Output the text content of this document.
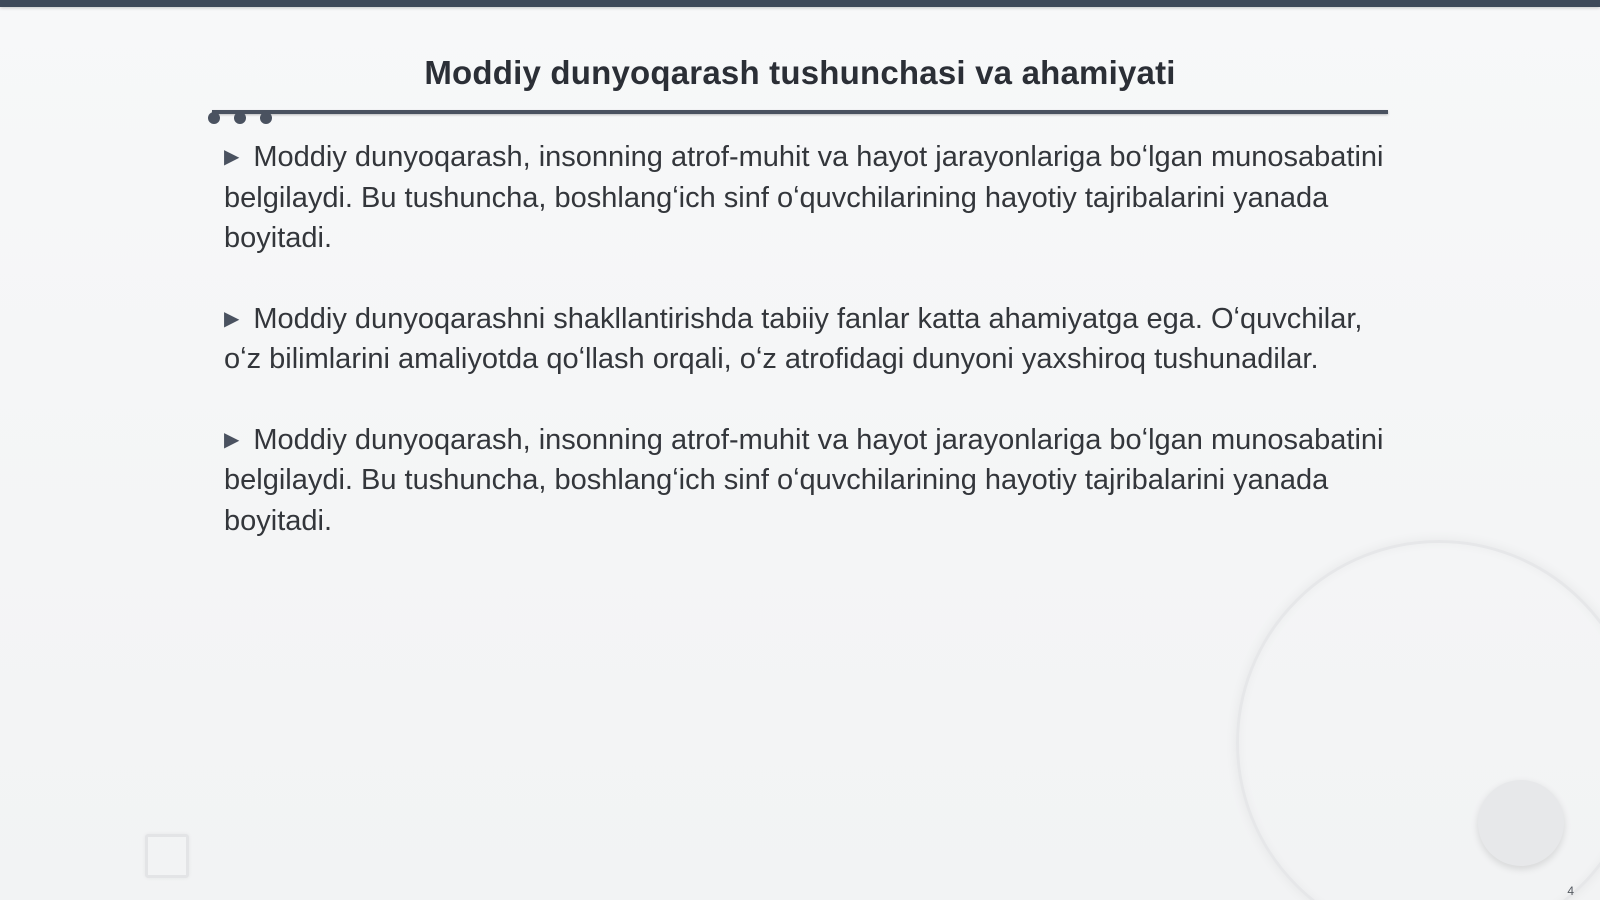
Moddiy dunyoqarash tushunchasi va ahamiyati

▶ Moddiy dunyoqarash, insonning atrof-muhit va hayot jarayonlariga boʻlgan munosabatini belgilaydi. Bu tushuncha, boshlangʻich sinf oʻquvchilarining hayotiy tajribalarini yanada boyitadi.

▶ Moddiy dunyoqarashni shakllantirishda tabiiy fanlar katta ahamiyatga ega. Oʻquvchilar, oʻz bilimlarini amaliyotda qoʻllash orqali, oʻz atrofidagi dunyoni yaxshiroq tushunadilar.

▶ Moddiy dunyoqarash, insonning atrof-muhit va hayot jarayonlariga boʻlgan munosabatini belgilaydi. Bu tushuncha, boshlangʻich sinf oʻquvchilarining hayotiy tajribalarini yanada boyitadi.

4
